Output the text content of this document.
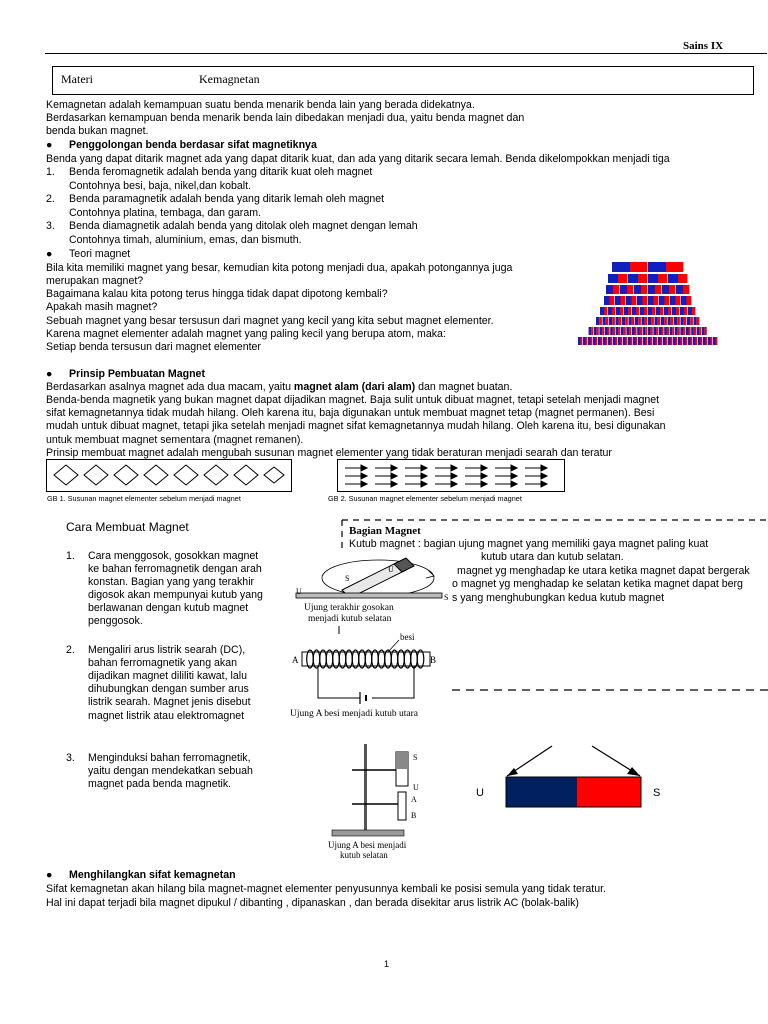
Sains IX
Materi	Kemagnetan
Kemagnetan adalah kemampuan suatu benda menarik benda lain yang berada didekatnya.
Berdasarkan kemampuan benda menarik benda lain dibedakan menjadi dua, yaitu benda magnet dan
benda bukan magnet.
● Penggolongan benda berdasar sifat magnetiknya
Benda yang dapat ditarik magnet ada yang dapat ditarik kuat, dan ada yang ditarik secara lemah. Benda dikelompokkan menjadi tiga
1. Benda feromagnetik adalah benda yang ditarik kuat oleh magnet
Contohnya besi, baja, nikel,dan kobalt.
2. Benda paramagnetik adalah benda yang ditarik lemah oleh magnet
Contohnya platina, tembaga, dan garam.
3. Benda diamagnetik adalah benda yang ditolak oleh magnet dengan lemah
Contohnya timah, aluminium, emas, dan bismuth.
● Teori magnet
Bila kita memiliki magnet yang besar, kemudian kita potong menjadi dua, apakah potongannya juga
merupakan magnet?
Bagaimana kalau kita potong terus hingga tidak dapat dipotong kembali?
Apakah masih magnet?
Sebuah magnet yang besar tersusun dari magnet yang kecil yang kita sebut magnet elementer.
Karena magnet elementer adalah magnet yang paling kecil yang berupa atom, maka:
Setiap benda tersusun dari magnet elementer
● Prinsip Pembuatan Magnet
Berdasarkan asalnya magnet ada dua macam, yaitu magnet alam (dari alam) dan magnet buatan.
Benda-benda magnetik yang bukan magnet dapat dijadikan magnet. Baja sulit untuk dibuat magnet, tetapi setelah menjadi magnet
sifat kemagnetannya tidak mudah hilang. Oleh karena itu, baja digunakan untuk membuat magnet tetap (magnet permanen). Besi
mudah untuk dibuat magnet, tetapi jika setelah menjadi magnet sifat kemagnetannya mudah hilang. Oleh karena itu, besi digunakan
untuk membuat magnet sementara (magnet remanen).
Prinsip membuat magnet adalah mengubah susunan magnet elementer yang tidak beraturan menjadi searah dan teratur
GB 1. Susunan magnet elementer sebelum menjadi magnet	GB 2. Susunan magnet elementer sebelum menjadi magnet
Cara Membuat Magnet
1. Cara menggosok, gosokkan magnet
ke bahan ferromagnetik dengan arah
konstan. Bagian yang yang terakhir
digosok akan mempunyai kutub yang
berlawanan dengan kutub magnet
penggosok.
2. Mengaliri arus listrik searah (DC),
bahan ferromagnetik yang akan
dijadikan magnet dililiti kawat, lalu
dihubungkan dengan sumber arus
listrik searah. Magnet jenis disebut
magnet listrik atau elektromagnet
3. Menginduksi bahan ferromagnetik,
yaitu dengan mendekatkan sebuah
magnet pada benda magnetik.
Bagian Magnet
Kutub magnet : bagian ujung magnet yang memiliki gaya magnet paling kuat
kutub utara dan kutub selatan.
magnet yg menghadap ke utara ketika magnet dapat bergerak
o magnet yg menghadap ke selatan ketika magnet dapat berg
s yang menghubungkan kedua kutub magnet
S
U
U
S
Ujung terakhir gosokan
menjadi kutub selatan
besi
A	B
Ujung A besi menjadi kutub utara
S
U
A
B
Ujung A besi menjadi
kutub selatan
U	S
● Menghilangkan sifat kemagnetan
Sifat kemagnetan akan hilang bila magnet-magnet elementer penyusunnya kembali ke posisi semula yang tidak teratur.
Hal ini dapat terjadi bila magnet dipukul / dibanting , dipanaskan , dan berada disekitar arus listrik AC (bolak-balik)
1
